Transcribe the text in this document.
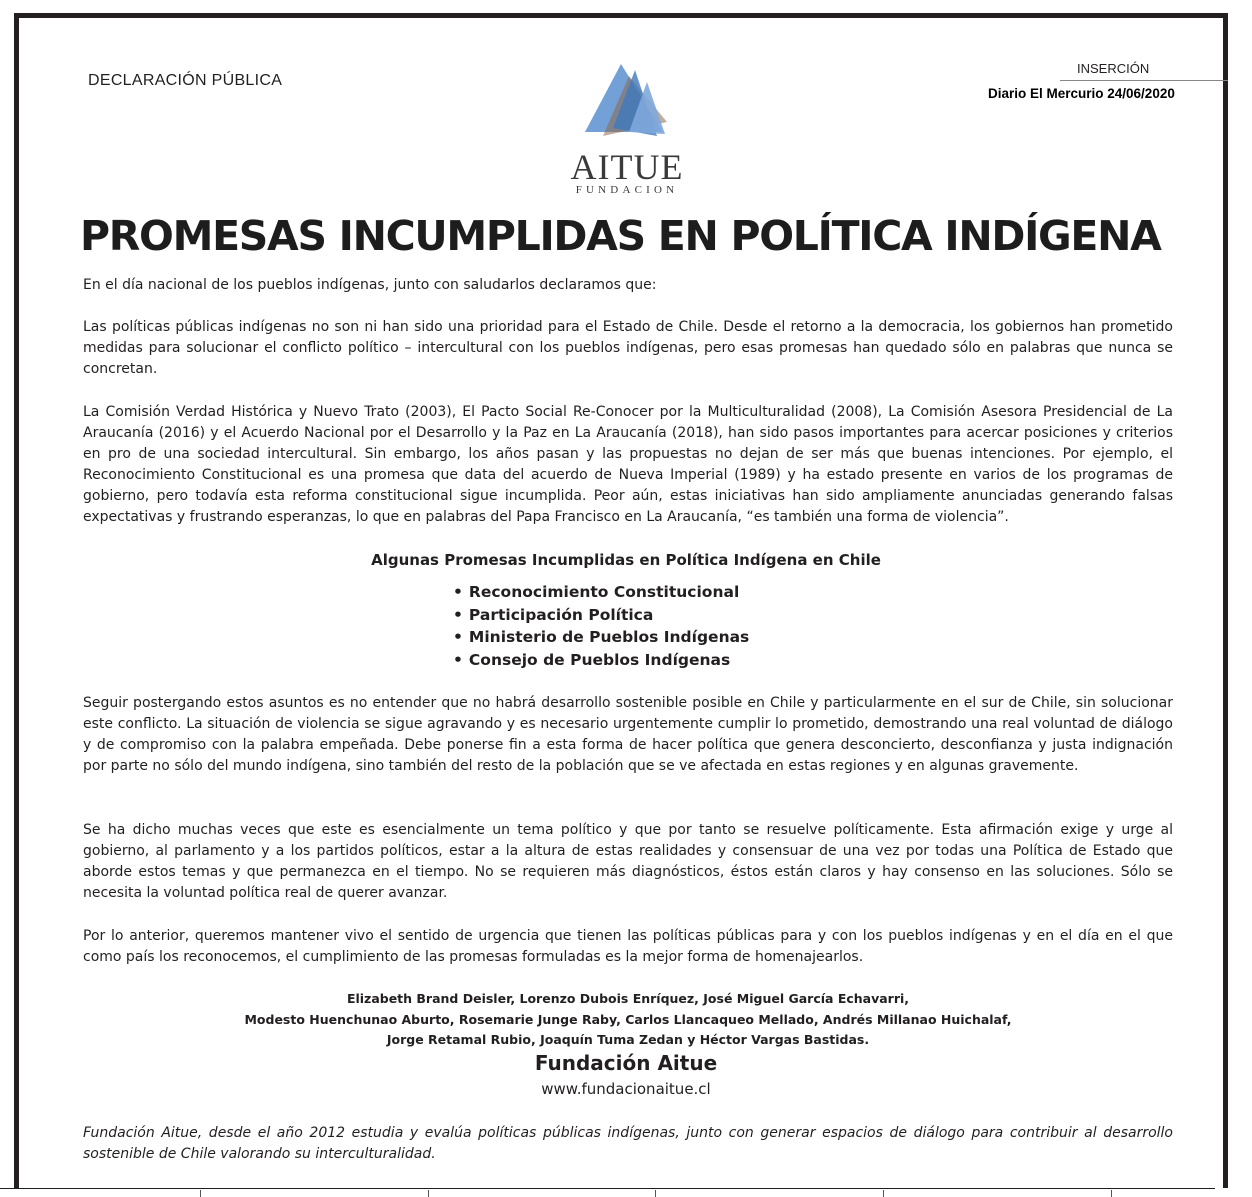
DECLARACIÓN PÚBLICA
INSERCIÓN
Diario El Mercurio 24/06/2020
AITUE
FUNDACION
PROMESAS INCUMPLIDAS EN POLÍTICA INDÍGENA
En el día nacional de los pueblos indígenas, junto con saludarlos declaramos que:
Las políticas públicas indígenas no son ni han sido una prioridad para el Estado de Chile. Desde el retorno a la democracia, los gobiernos han prometido medidas para solucionar el conflicto político – intercultural con los pueblos indígenas, pero esas promesas han quedado sólo en palabras que nunca se concretan.
La Comisión Verdad Histórica y Nuevo Trato (2003), El Pacto Social Re-Conocer por la Multiculturalidad (2008), La Comisión Asesora Presidencial de La Araucanía (2016) y el Acuerdo Nacional por el Desarrollo y la Paz en La Araucanía (2018), han sido pasos importantes para acercar posiciones y criterios en pro de una sociedad intercultural. Sin embargo, los años pasan y las propuestas no dejan de ser más que buenas intenciones. Por ejemplo, el Reconocimiento Constitucional es una promesa que data del acuerdo de Nueva Imperial (1989) y ha estado presente en varios de los programas de gobierno, pero todavía esta reforma constitucional sigue incumplida. Peor aún, estas iniciativas han sido ampliamente anunciadas generando falsas expectativas y frustrando esperanzas, lo que en palabras del Papa Francisco en La Araucanía, “es también una forma de violencia”.
Algunas Promesas Incumplidas en Política Indígena en Chile
• Reconocimiento Constitucional
• Participación Política
• Ministerio de Pueblos Indígenas
• Consejo de Pueblos Indígenas
Seguir postergando estos asuntos es no entender que no habrá desarrollo sostenible posible en Chile y particularmente en el sur de Chile, sin solucionar este conflicto. La situación de violencia se sigue agravando y es necesario urgentemente cumplir lo prometido, demostrando una real voluntad de diálogo y de compromiso con la palabra empeñada. Debe ponerse fin a esta forma de hacer política que genera desconcierto, desconfianza y justa indignación por parte no sólo del mundo indígena, sino también del resto de la población que se ve afectada en estas regiones y en algunas gravemente.
Se ha dicho muchas veces que este es esencialmente un tema político y que por tanto se resuelve políticamente. Esta afirmación exige y urge al gobierno, al parlamento y a los partidos políticos, estar a la altura de estas realidades y consensuar de una vez por todas una Política de Estado que aborde estos temas y que permanezca en el tiempo. No se requieren más diagnósticos, éstos están claros y hay consenso en las soluciones. Sólo se necesita la voluntad política real de querer avanzar.
Por lo anterior, queremos mantener vivo el sentido de urgencia que tienen las políticas públicas para y con los pueblos indígenas y en el día en el que como país los reconocemos, el cumplimiento de las promesas formuladas es la mejor forma de homenajearlos.
Elizabeth Brand Deisler, Lorenzo Dubois Enríquez, José Miguel García Echavarri,
Modesto Huenchunao Aburto, Rosemarie Junge Raby, Carlos Llancaqueo Mellado, Andrés Millanao Huichalaf,
Jorge Retamal Rubio, Joaquín Tuma Zedan y Héctor Vargas Bastidas.
Fundación Aitue
www.fundacionaitue.cl
Fundación Aitue, desde el año 2012 estudia y evalúa políticas públicas indígenas, junto con generar espacios de diálogo para contribuir al desarrollo sostenible de Chile valorando su interculturalidad.
